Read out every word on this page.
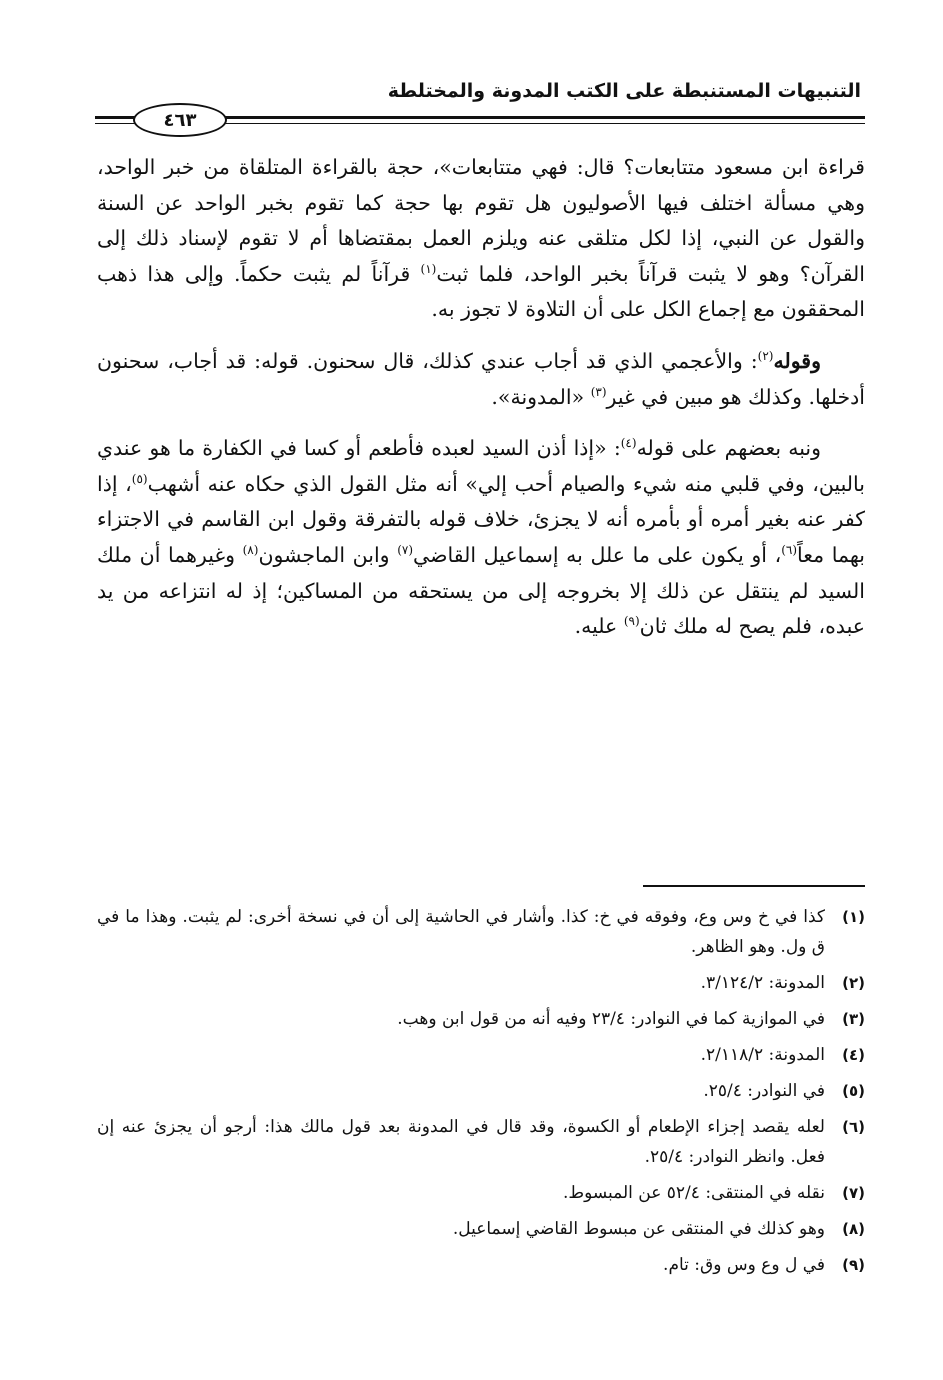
التنبيهات المستنبطة على الكتب المدونة والمختلطة
٤٦٣

قراءة ابن مسعود متتابعات؟ قال: فهي متتابعات»، حجة بالقراءة المتلقاة من خبر الواحد، وهي مسألة اختلف فيها الأصوليون هل تقوم بها حجة كما تقوم بخبر الواحد عن السنة والقول عن النبي، إذا لكل متلقى عنه ويلزم العمل بمقتضاها أم لا تقوم لإسناد ذلك إلى القرآن؟ وهو لا يثبت قرآناً بخبر الواحد، فلما ثبت$^{(١)}$ قرآناً لم يثبت حكماً. وإلى هذا ذهب المحققون مع إجماع الكل على أن التلاوة لا تجوز به.

وقوله$^{(٢)}$: والأعجمي الذي قد أجاب عندي كذلك، قال سحنون. قوله: قد أجاب، سحنون أدخلها. وكذلك هو مبين في غير$^{(٣)}$ «المدونة».

ونبه بعضهم على قوله$^{(٤)}$: «إذا أذن السيد لعبده فأطعم أو كسا في الكفارة ما هو عندي بالبين، وفي قلبي منه شيء والصيام أحب إلي» أنه مثل القول الذي حكاه عنه أشهب$^{(٥)}$، إذا كفر عنه بغير أمره أو بأمره أنه لا يجزئ، خلاف قوله بالتفرقة وقول ابن القاسم في الاجتزاء بهما معاً$^{(٦)}$، أو يكون على ما علل به إسماعيل القاضي$^{(٧)}$ وابن الماجشون$^{(٨)}$ وغيرهما أن ملك السيد لم ينتقل عن ذلك إلا بخروجه إلى من يستحقه من المساكين؛ إذ له انتزاعه من يد عبده، فلم يصح له ملك ثان$^{(٩)}$ عليه.

(١)
كذا في خ وس وع، وفوقه في خ: كذا. وأشار في الحاشية إلى أن في نسخة أخرى: لم يثبت. وهذا ما في ق ول. وهو الظاهر.
(٢)
المدونة: ٣/١٢٤/٢.
(٣)
في الموازية كما في النوادر: ٢٣/٤ وفيه أنه من قول ابن وهب.
(٤)
المدونة: ٢/١١٨/٢.
(٥)
في النوادر: ٢٥/٤.
(٦)
لعله يقصد إجزاء الإطعام أو الكسوة، وقد قال في المدونة بعد قول مالك هذا: أرجو أن يجزئ عنه إن فعل. وانظر النوادر: ٢٥/٤.
(٧)
نقله في المنتقى: ٥٢/٤ عن المبسوط.
(٨)
وهو كذلك في المنتقى عن مبسوط القاضي إسماعيل.
(٩)
في ل وع وس وق: تام.
